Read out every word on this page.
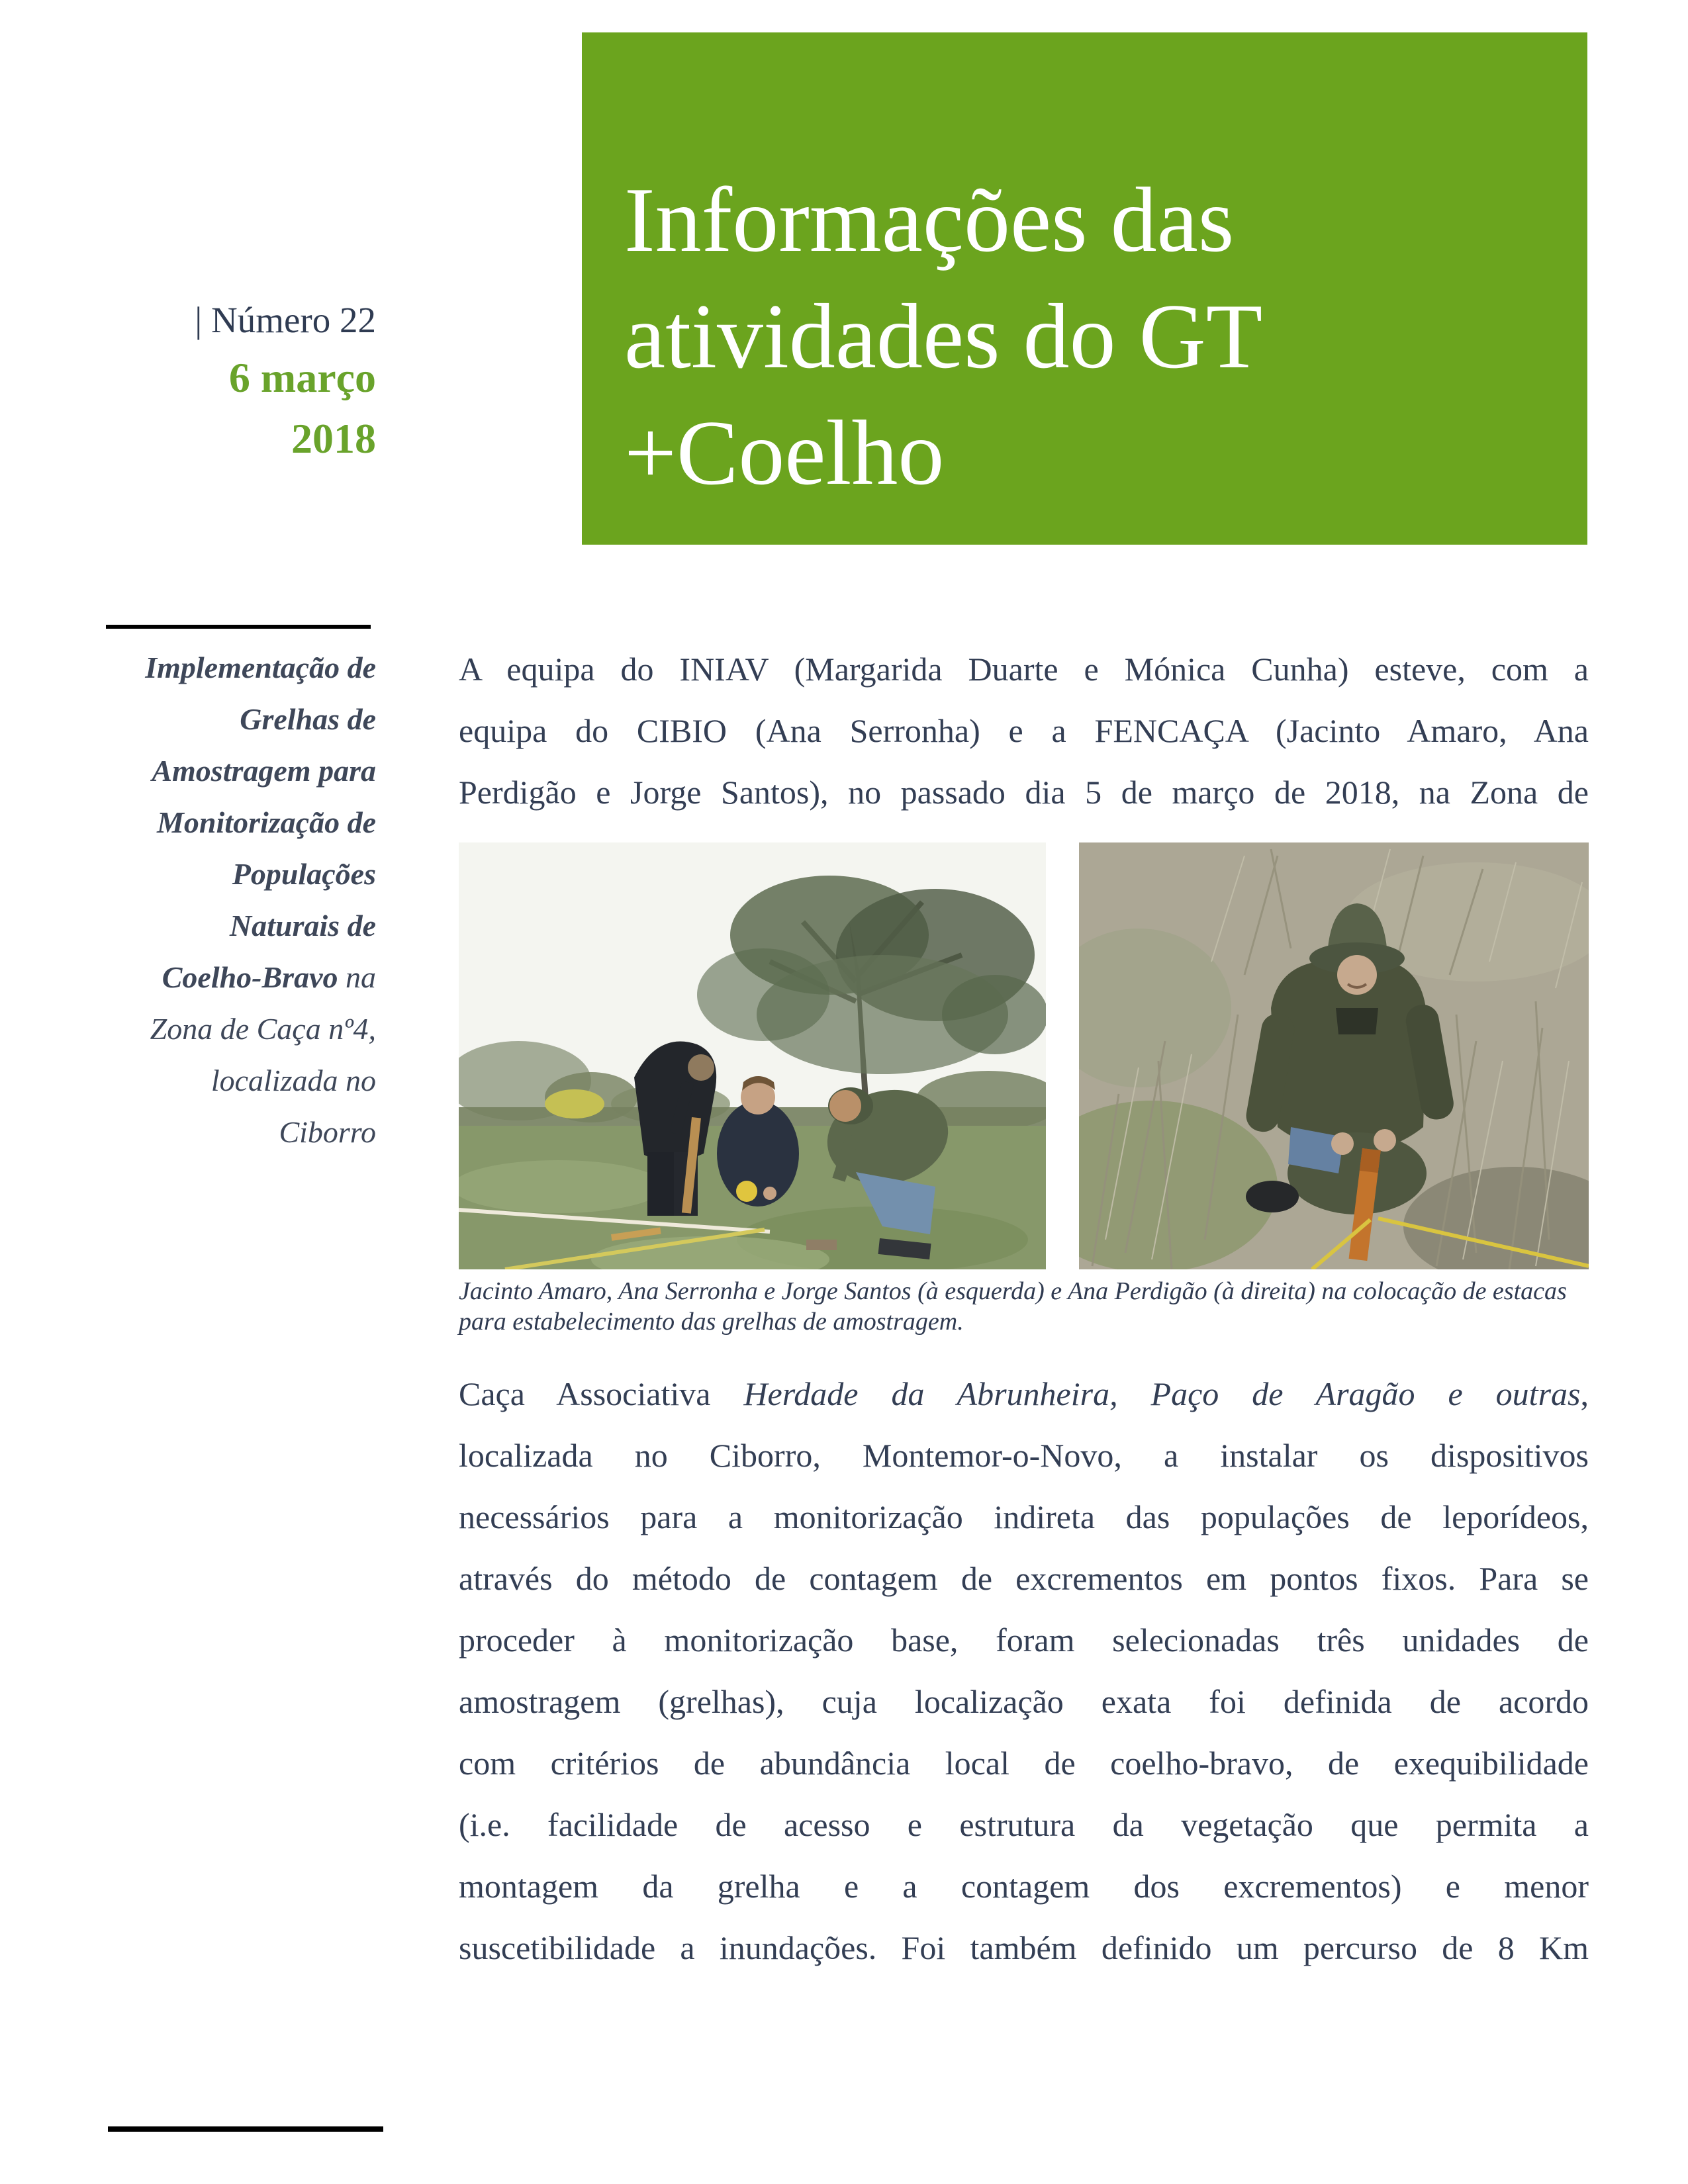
Informações das
atividades do GT
+Coelho
| Número 22
6 março
2018
Implementação de
Grelhas de
Amostragem para
Monitorização de
Populações
Naturais de
Coelho-Bravo na
Zona de Caça nº4,
localizada no
Ciborro
A equipa do INIAV (Margarida Duarte e Mónica Cunha) esteve, com a
equipa do CIBIO (Ana Serronha) e a FENCAÇA (Jacinto Amaro, Ana
Perdigão e Jorge Santos), no passado dia 5 de março de 2018, na Zona de
Jacinto Amaro, Ana Serronha e Jorge Santos (à esquerda) e Ana Perdigão (à direita) na colocação de estacas
para estabelecimento das grelhas de amostragem.
Caça Associativa Herdade da Abrunheira, Paço de Aragão e outras,
localizada no Ciborro, Montemor-o-Novo, a instalar os dispositivos
necessários para a monitorização indireta das populações de leporídeos,
através do método de contagem de excrementos em pontos fixos. Para se
proceder à monitorização base, foram selecionadas três unidades de
amostragem (grelhas), cuja localização exata foi definida de acordo
com critérios de abundância local de coelho-bravo, de exequibilidade
(i.e. facilidade de acesso e estrutura da vegetação que permita a
montagem da grelha e a contagem dos excrementos) e menor
suscetibilidade a inundações. Foi também definido um percurso de 8 Km
